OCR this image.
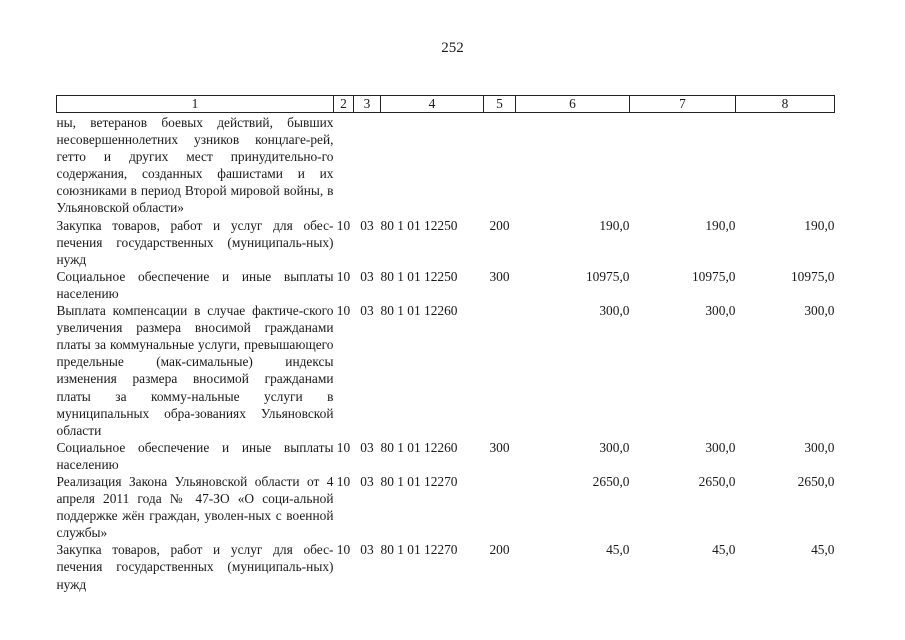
252
1	2	3	4	5	6	7	8
ны, ветеранов боевых действий, бывших несовершеннолетних узников концлаге-рей, гетто и других мест принудительно-го содержания, созданных фашистами и их союзниками в период Второй мировой войны, в Ульяновской области»							
Закупка товаров, работ и услуг для обес-печения государственных (муниципаль-ных) нужд	10	03	80 1 01 12250	200	190,0	190,0	190,0
Социальное обеспечение и иные выплаты населению	10	03	80 1 01 12250	300	10975,0	10975,0	10975,0
Выплата компенсации в случае фактиче-ского увеличения размера вносимой гражданами платы за коммунальные услуги, превышающего предельные (мак-симальные) индексы изменения размера вносимой гражданами платы за комму-нальные услуги в муниципальных обра-зованиях Ульяновской области	10	03	80 1 01 12260		300,0	300,0	300,0
Социальное обеспечение и иные выплаты населению	10	03	80 1 01 12260	300	300,0	300,0	300,0
Реализация Закона Ульяновской области от 4 апреля 2011 года № 47-ЗО «О соци-альной поддержке жён граждан, уволен-ных с военной службы»	10	03	80 1 01 12270		2650,0	2650,0	2650,0
Закупка товаров, работ и услуг для обес-печения государственных (муниципаль-ных) нужд	10	03	80 1 01 12270	200	45,0	45,0	45,0
